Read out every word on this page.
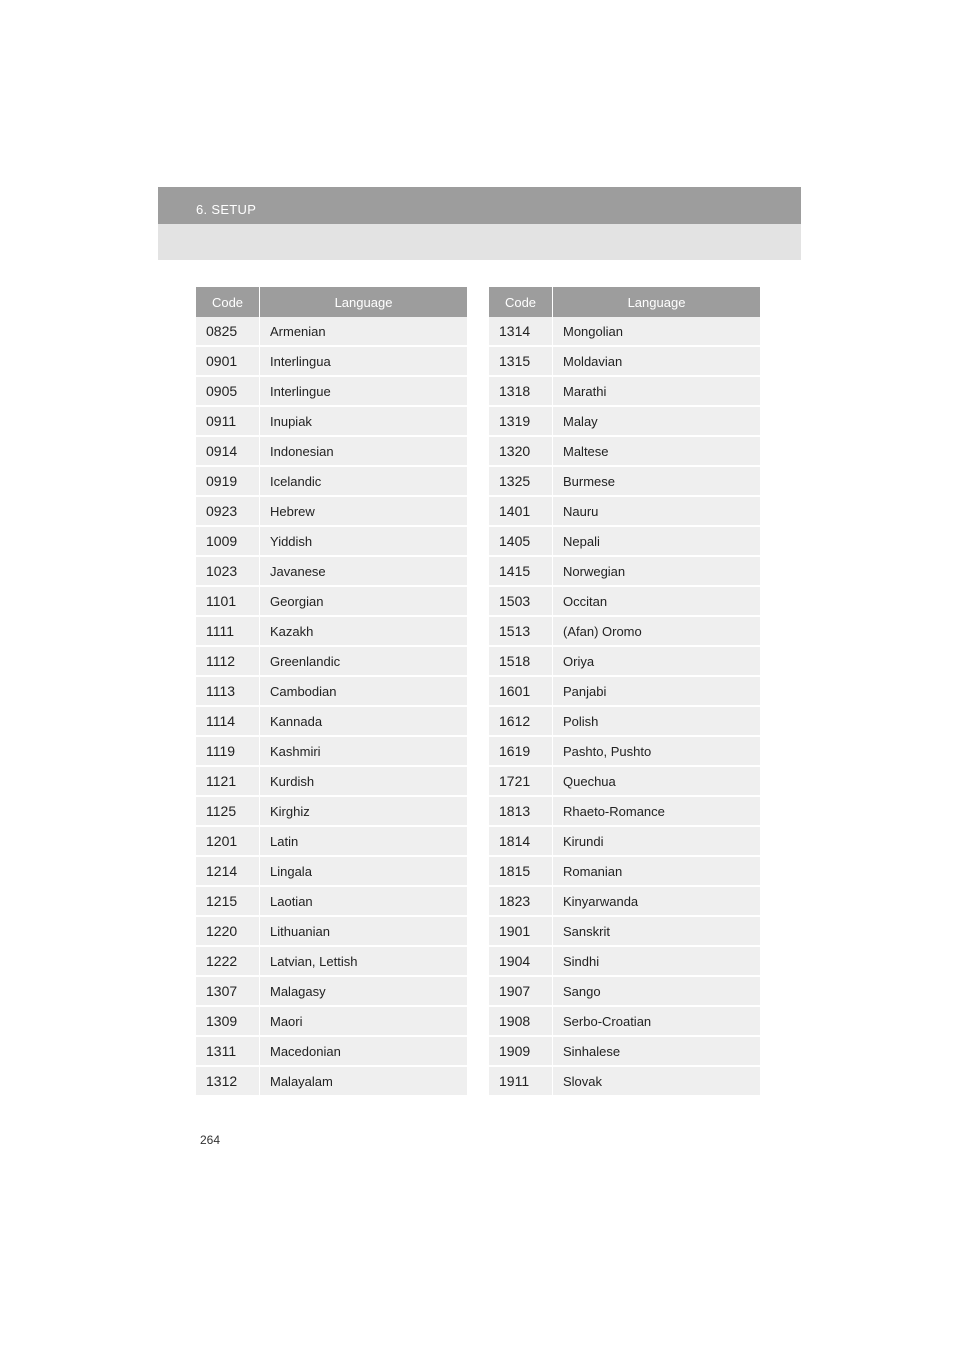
6. SETUP
Code	Language
0825	Armenian
0901	Interlingua
0905	Interlingue
0911	Inupiak
0914	Indonesian
0919	Icelandic
0923	Hebrew
1009	Yiddish
1023	Javanese
1101	Georgian
1111	Kazakh
1112	Greenlandic
1113	Cambodian
1114	Kannada
1119	Kashmiri
1121	Kurdish
1125	Kirghiz
1201	Latin
1214	Lingala
1215	Laotian
1220	Lithuanian
1222	Latvian, Lettish
1307	Malagasy
1309	Maori
1311	Macedonian
1312	Malayalam
Code	Language
1314	Mongolian
1315	Moldavian
1318	Marathi
1319	Malay
1320	Maltese
1325	Burmese
1401	Nauru
1405	Nepali
1415	Norwegian
1503	Occitan
1513	(Afan) Oromo
1518	Oriya
1601	Panjabi
1612	Polish
1619	Pashto, Pushto
1721	Quechua
1813	Rhaeto-Romance
1814	Kirundi
1815	Romanian
1823	Kinyarwanda
1901	Sanskrit
1904	Sindhi
1907	Sango
1908	Serbo-Croatian
1909	Sinhalese
1911	Slovak
264
